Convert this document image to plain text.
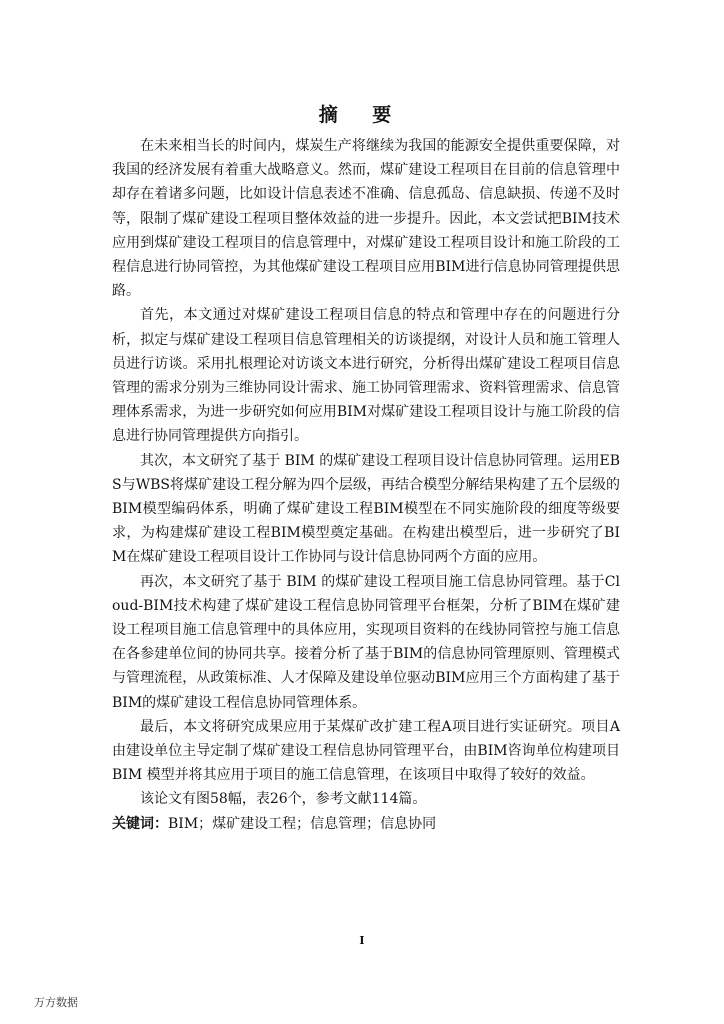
摘 要

在未来相当长的时间内，煤炭生产将继续为我国的能源安全提供重要保障，对我国的经济发展有着重大战略意义。然而，煤矿建设工程项目在目前的信息管理中却存在着诸多问题，比如设计信息表述不准确、信息孤岛、信息缺损、传递不及时等，限制了煤矿建设工程项目整体效益的进一步提升。因此，本文尝试把BIM技术应用到煤矿建设工程项目的信息管理中，对煤矿建设工程项目设计和施工阶段的工程信息进行协同管控，为其他煤矿建设工程项目应用BIM进行信息协同管理提供思路。

首先，本文通过对煤矿建设工程项目信息的特点和管理中存在的问题进行分析，拟定与煤矿建设工程项目信息管理相关的访谈提纲，对设计人员和施工管理人员进行访谈。采用扎根理论对访谈文本进行研究，分析得出煤矿建设工程项目信息管理的需求分别为三维协同设计需求、施工协同管理需求、资料管理需求、信息管理体系需求，为进一步研究如何应用BIM对煤矿建设工程项目设计与施工阶段的信息进行协同管理提供方向指引。

其次，本文研究了基于 BIM 的煤矿建设工程项目设计信息协同管理。运用EBS与WBS将煤矿建设工程分解为四个层级，再结合模型分解结果构建了五个层级的BIM模型编码体系，明确了煤矿建设工程BIM模型在不同实施阶段的细度等级要求，为构建煤矿建设工程BIM模型奠定基础。在构建出模型后，进一步研究了BIM在煤矿建设工程项目设计工作协同与设计信息协同两个方面的应用。

再次，本文研究了基于 BIM 的煤矿建设工程项目施工信息协同管理。基于Cloud-BIM技术构建了煤矿建设工程信息协同管理平台框架，分析了BIM在煤矿建设工程项目施工信息管理中的具体应用，实现项目资料的在线协同管控与施工信息在各参建单位间的协同共享。接着分析了基于BIM的信息协同管理原则、管理模式与管理流程，从政策标准、人才保障及建设单位驱动BIM应用三个方面构建了基于BIM的煤矿建设工程信息协同管理体系。

最后，本文将研究成果应用于某煤矿改扩建工程A项目进行实证研究。项目A由建设单位主导定制了煤矿建设工程信息协同管理平台，由BIM咨询单位构建项目 BIM 模型并将其应用于项目的施工信息管理，在该项目中取得了较好的效益。

该论文有图58幅，表26个，参考文献114篇。

关键词：BIM；煤矿建设工程；信息管理；信息协同

I
万方数据
